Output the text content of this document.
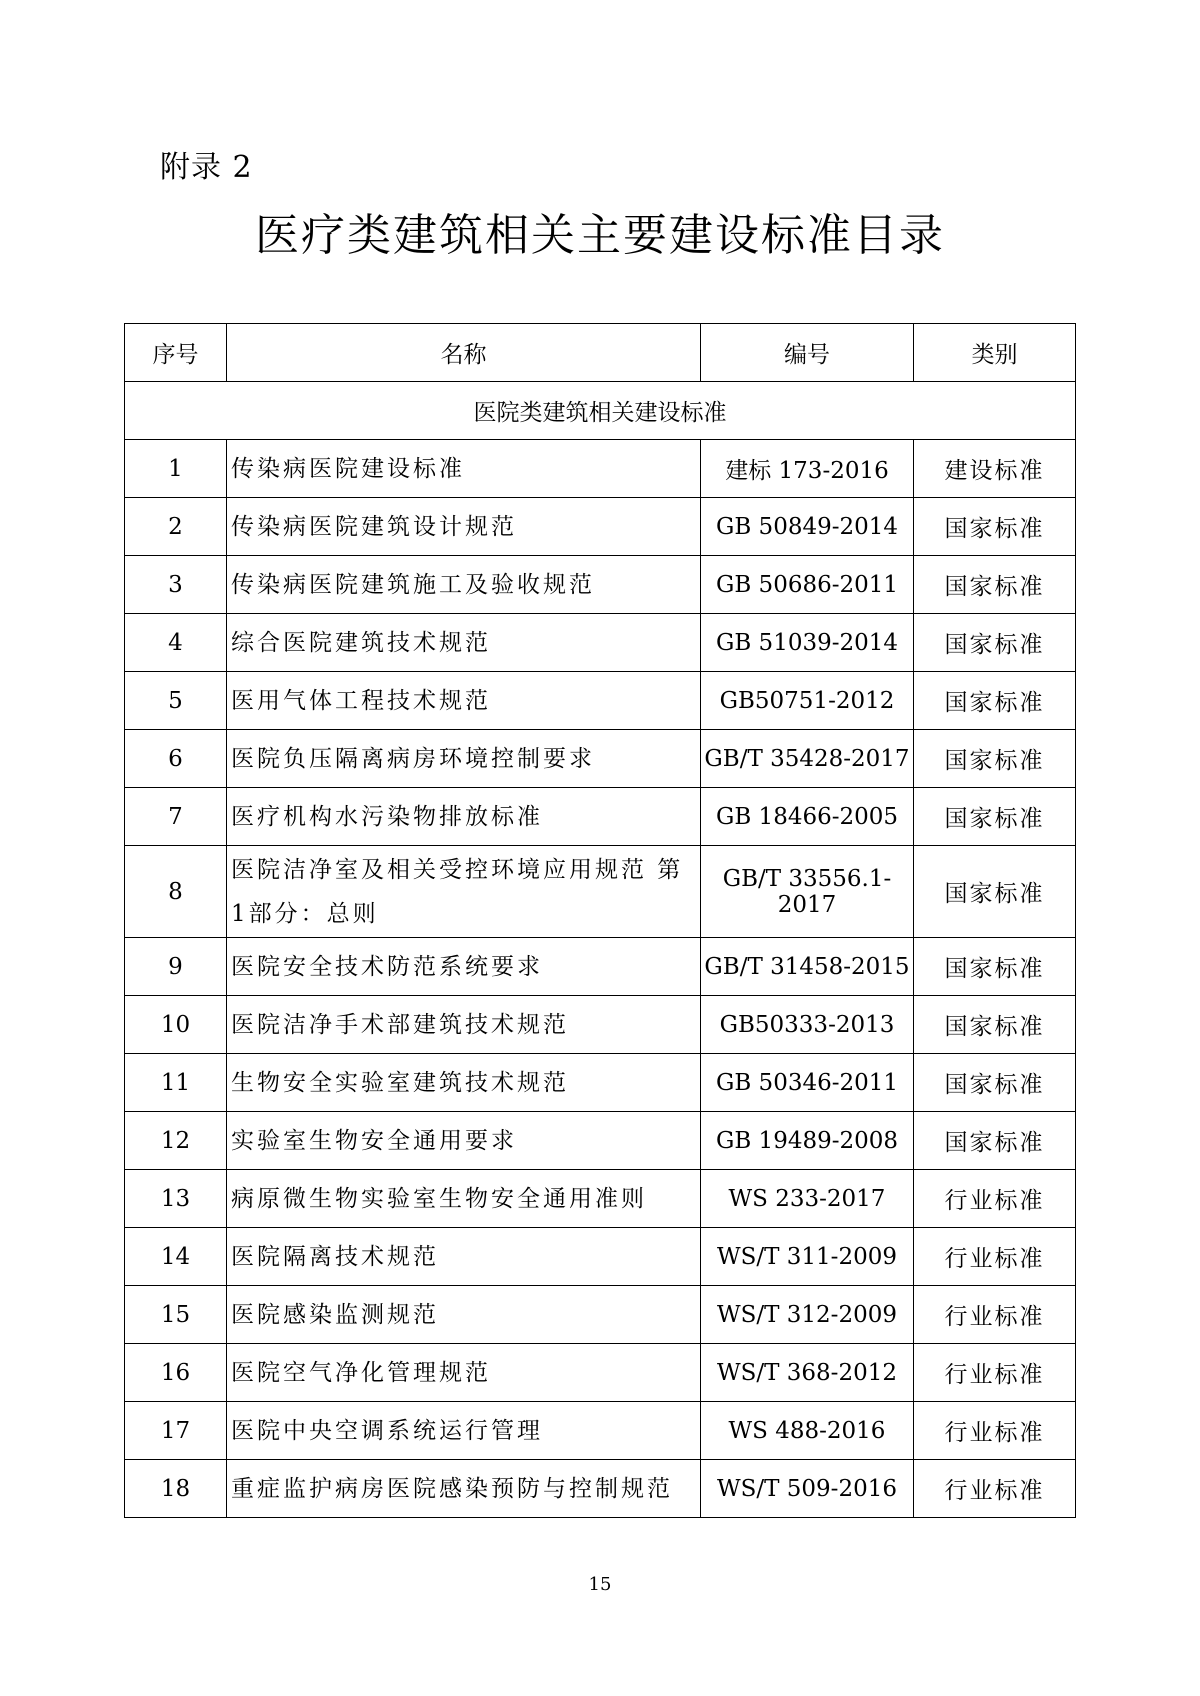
附录 2
医疗类建筑相关主要建设标准目录
序号	名称	编号	类别
医院类建筑相关建设标准			
1	传染病医院建设标准	建标 173-2016	建设标准
2	传染病医院建筑设计规范	GB 50849-2014	国家标准
3	传染病医院建筑施工及验收规范	GB 50686-2011	国家标准
4	综合医院建筑技术规范	GB 51039-2014	国家标准
5	医用气体工程技术规范	GB50751-2012	国家标准
6	医院负压隔离病房环境控制要求	GB/T 35428-2017	国家标准
7	医疗机构水污染物排放标准	GB 18466-2005	国家标准
8	医院洁净室及相关受控环境应用规范 第1部分：总则	GB/T 33556.1-2017	国家标准
9	医院安全技术防范系统要求	GB/T 31458-2015	国家标准
10	医院洁净手术部建筑技术规范	GB50333-2013	国家标准
11	生物安全实验室建筑技术规范	GB 50346-2011	国家标准
12	实验室生物安全通用要求	GB 19489-2008	国家标准
13	病原微生物实验室生物安全通用准则	WS 233-2017	行业标准
14	医院隔离技术规范	WS/T 311-2009	行业标准
15	医院感染监测规范	WS/T 312-2009	行业标准
16	医院空气净化管理规范	WS/T 368-2012	行业标准
17	医院中央空调系统运行管理	WS 488-2016	行业标准
18	重症监护病房医院感染预防与控制规范	WS/T 509-2016	行业标准
15
